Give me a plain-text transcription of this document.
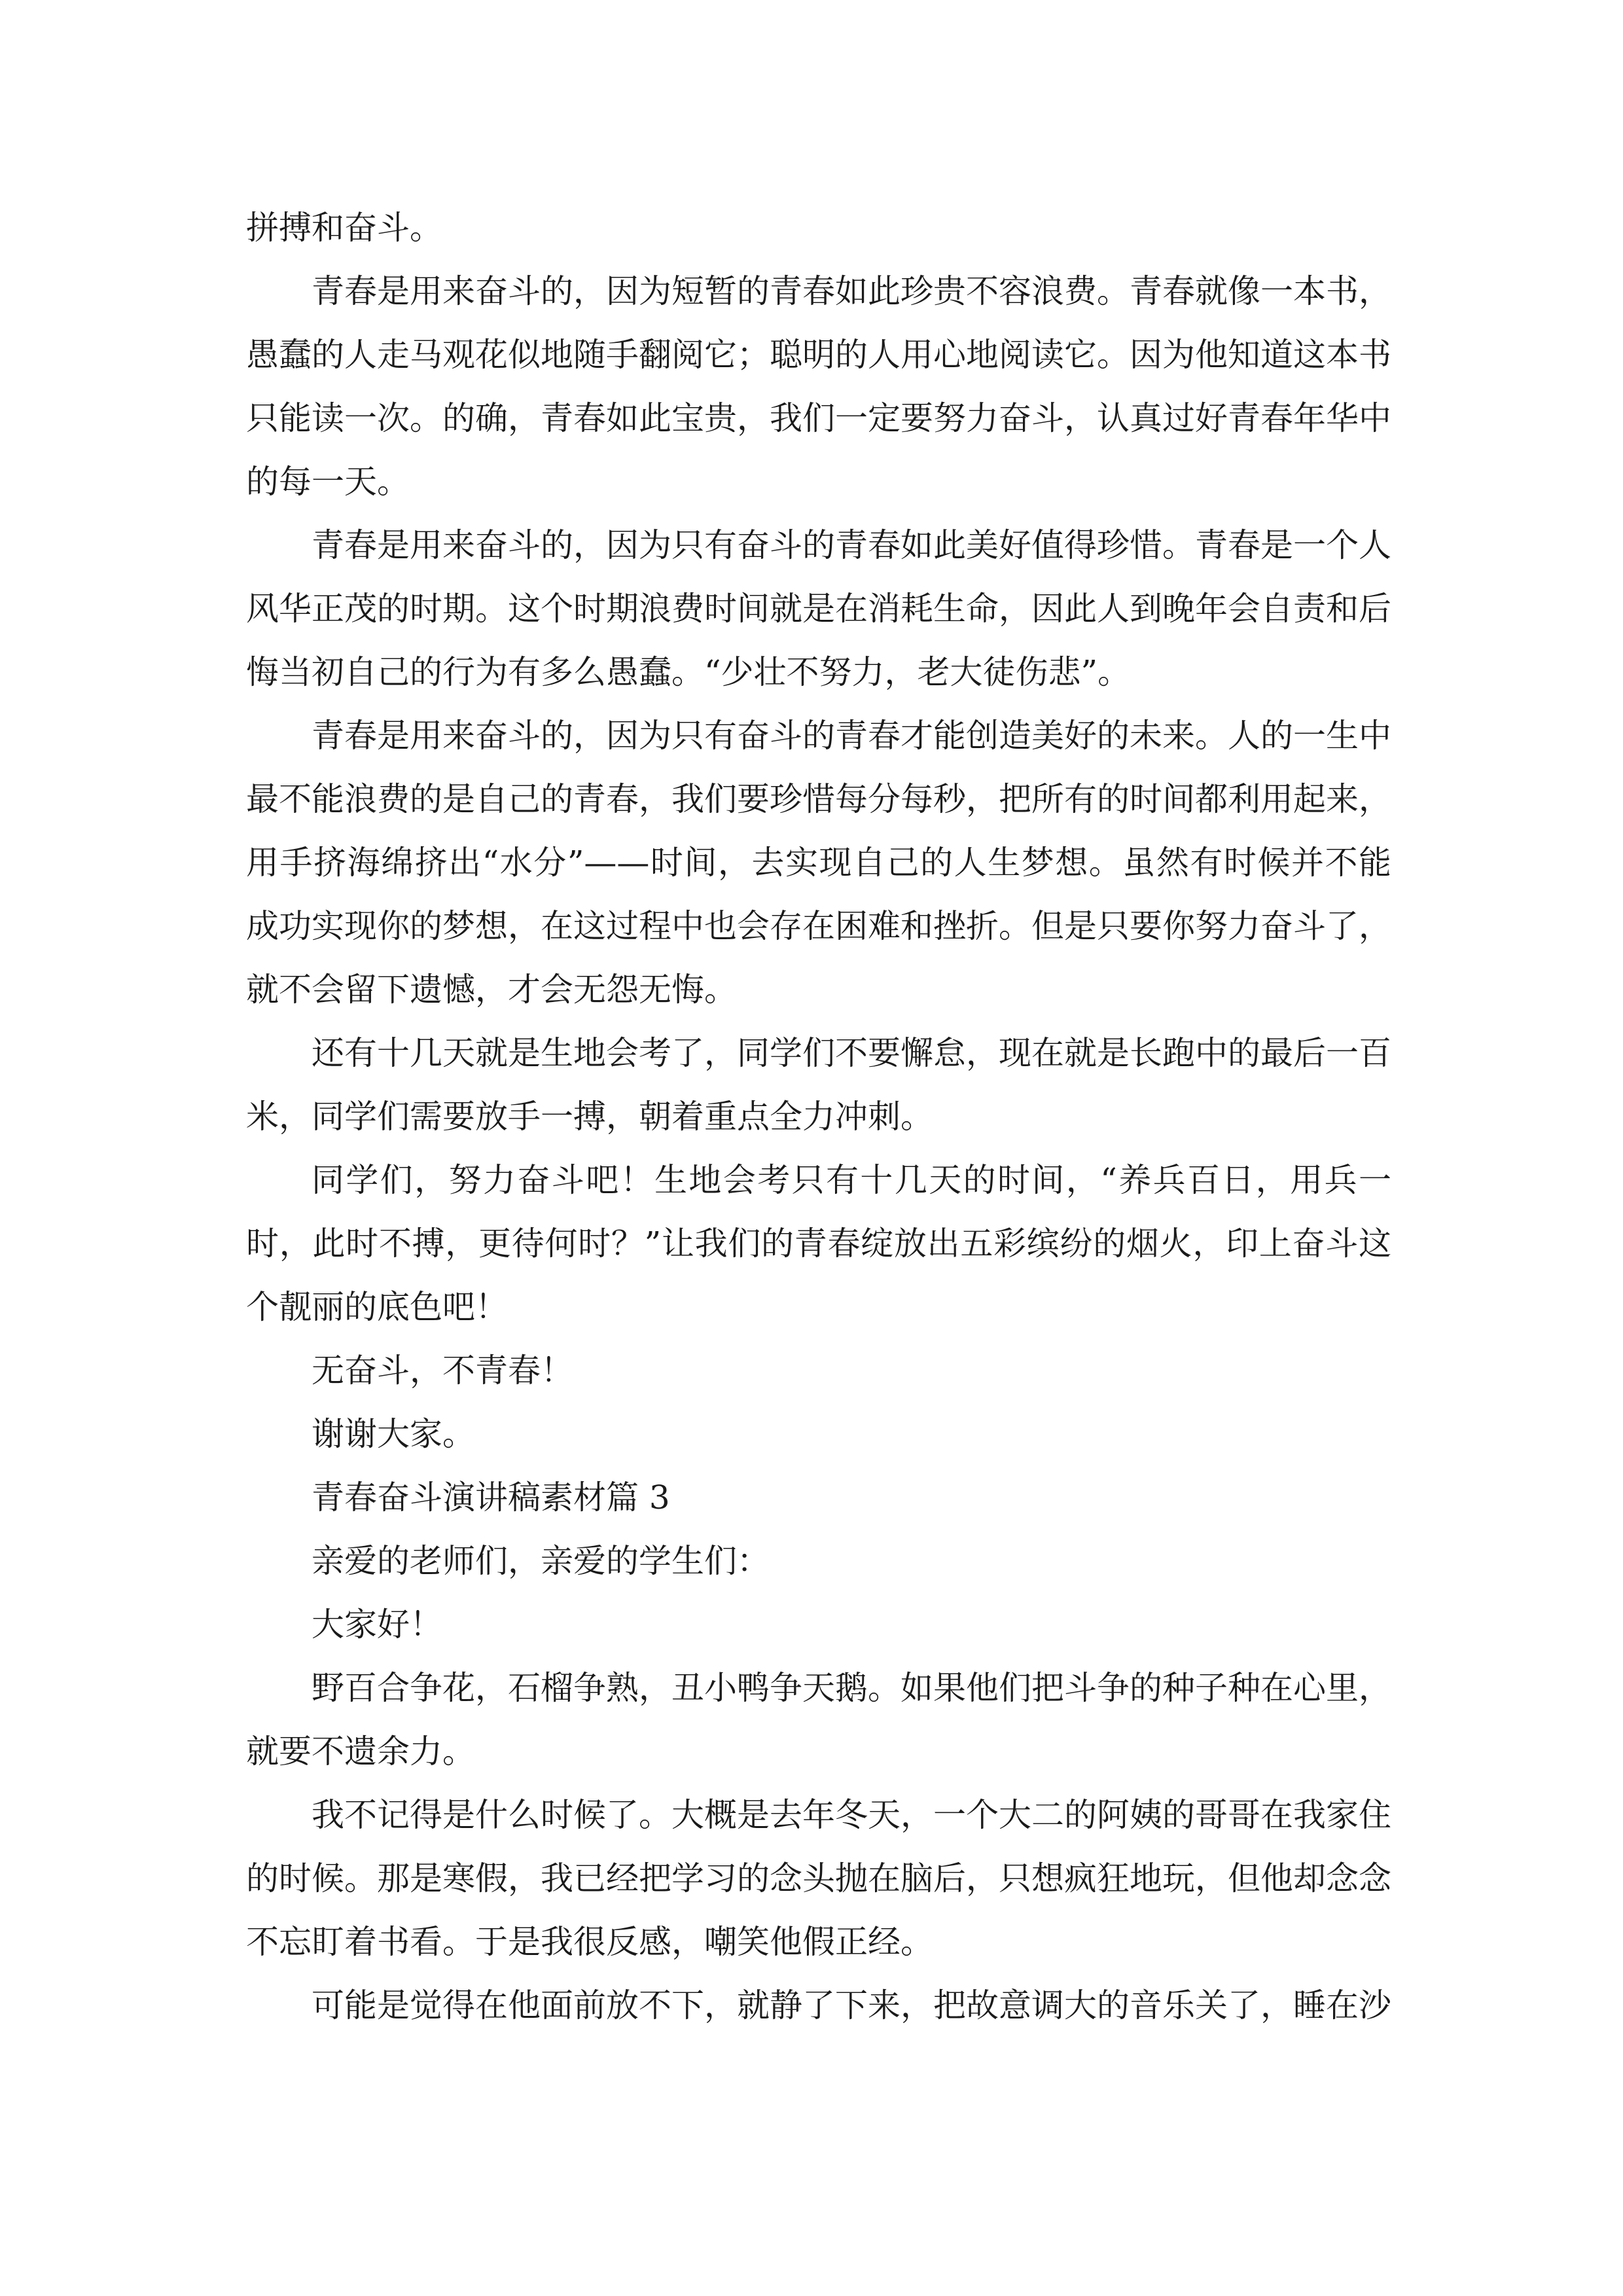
拼搏和奋斗。

青春是用来奋斗的，因为短暂的青春如此珍贵不容浪费。青春就像一本书，愚蠢的人走马观花似地随手翻阅它；聪明的人用心地阅读它。因为他知道这本书只能读一次。的确，青春如此宝贵，我们一定要努力奋斗，认真过好青春年华中的每一天。

青春是用来奋斗的，因为只有奋斗的青春如此美好值得珍惜。青春是一个人风华正茂的时期。这个时期浪费时间就是在消耗生命，因此人到晚年会自责和后悔当初自己的行为有多么愚蠢。“少壮不努力，老大徒伤悲”。

青春是用来奋斗的，因为只有奋斗的青春才能创造美好的未来。人的一生中最不能浪费的是自己的青春，我们要珍惜每分每秒，把所有的时间都利用起来，用手挤海绵挤出“水分”——时间，去实现自己的人生梦想。虽然有时候并不能成功实现你的梦想，在这过程中也会存在困难和挫折。但是只要你努力奋斗了，就不会留下遗憾，才会无怨无悔。

还有十几天就是生地会考了，同学们不要懈怠，现在就是长跑中的最后一百米，同学们需要放手一搏，朝着重点全力冲刺。

同学们，努力奋斗吧！生地会考只有十几天的时间，“养兵百日，用兵一时，此时不搏，更待何时？”让我们的青春绽放出五彩缤纷的烟火，印上奋斗这个靓丽的底色吧！

无奋斗，不青春！

谢谢大家。

青春奋斗演讲稿素材篇 3

亲爱的老师们，亲爱的学生们：

大家好！

野百合争花，石榴争熟，丑小鸭争天鹅。如果他们把斗争的种子种在心里，就要不遗余力。

我不记得是什么时候了。大概是去年冬天，一个大二的阿姨的哥哥在我家住的时候。那是寒假，我已经把学习的念头抛在脑后，只想疯狂地玩，但他却念念不忘盯着书看。于是我很反感，嘲笑他假正经。

可能是觉得在他面前放不下，就静了下来，把故意调大的音乐关了，睡在沙
